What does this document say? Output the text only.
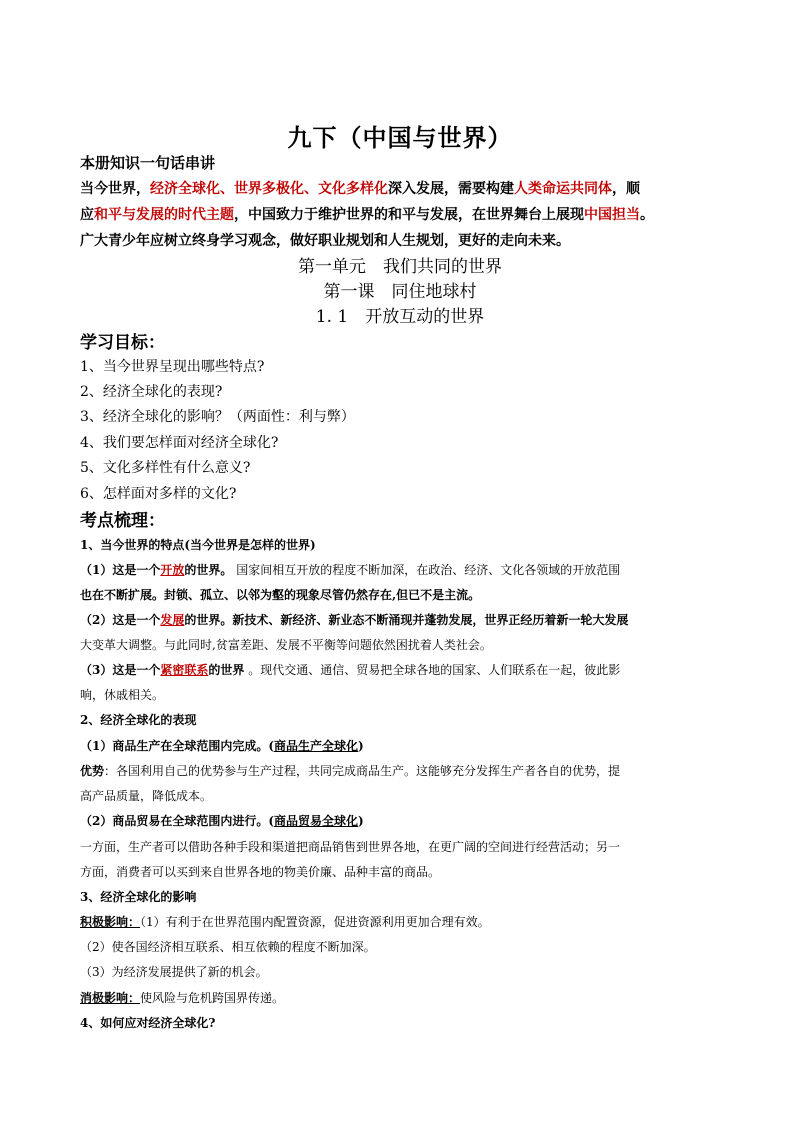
九下（中国与世界）
本册知识一句话串讲
当今世界，经济全球化、世界多极化、文化多样化深入发展，需要构建人类命运共同体，顺
应和平与发展的时代主题，中国致力于维护世界的和平与发展，在世界舞台上展现中国担当。
广大青少年应树立终身学习观念，做好职业规划和人生规划，更好的走向未来。
第一单元　我们共同的世界
第一课　同住地球村
1. 1　开放互动的世界
学习目标：
1、当今世界呈现出哪些特点?
2、经济全球化的表现?
3、经济全球化的影响？（两面性：利与弊）
4、我们要怎样面对经济全球化?
5、文化多样性有什么意义?
6、怎样面对多样的文化?
考点梳理：
1、当今世界的特点(当今世界是怎样的世界)
（1）这是一个开放的世界。 国家间相互开放的程度不断加深，在政治、经济、文化各领域的开放范围
也在不断扩展。封锁、孤立、以邻为壑的现象尽管仍然存在,但已不是主流。
（2）这是一个发展的世界。新技术、新经济、新业态不断涌现并蓬勃发展，世界正经历着新一轮大发展
大变革大调整。与此同时,贫富差距、发展不平衡等问题依然困扰着人类社会。
（3）这是一个紧密联系的世界 。现代交通、通信、贸易把全球各地的国家、人们联系在一起，彼此影
响，休戚相关。
2、经济全球化的表现
（1）商品生产在全球范围内完成。(商品生产全球化)
优势：各国利用自己的优势参与生产过程，共同完成商品生产。这能够充分发挥生产者各自的优势，提
高产品质量，降低成本。
（2）商品贸易在全球范围内进行。(商品贸易全球化)
一方面，生产者可以借助各种手段和渠道把商品销售到世界各地，在更广阔的空间进行经营活动；另一
方面，消费者可以买到来自世界各地的物美价廉、品种丰富的商品。
3、经济全球化的影响
积极影响：（1）有利于在世界范围内配置资源，促进资源利用更加合理有效。
（2）使各国经济相互联系、相互依赖的程度不断加深。
（3）为经济发展提供了新的机会。
消极影响：使风险与危机跨国界传递。
4、如何应对经济全球化?
